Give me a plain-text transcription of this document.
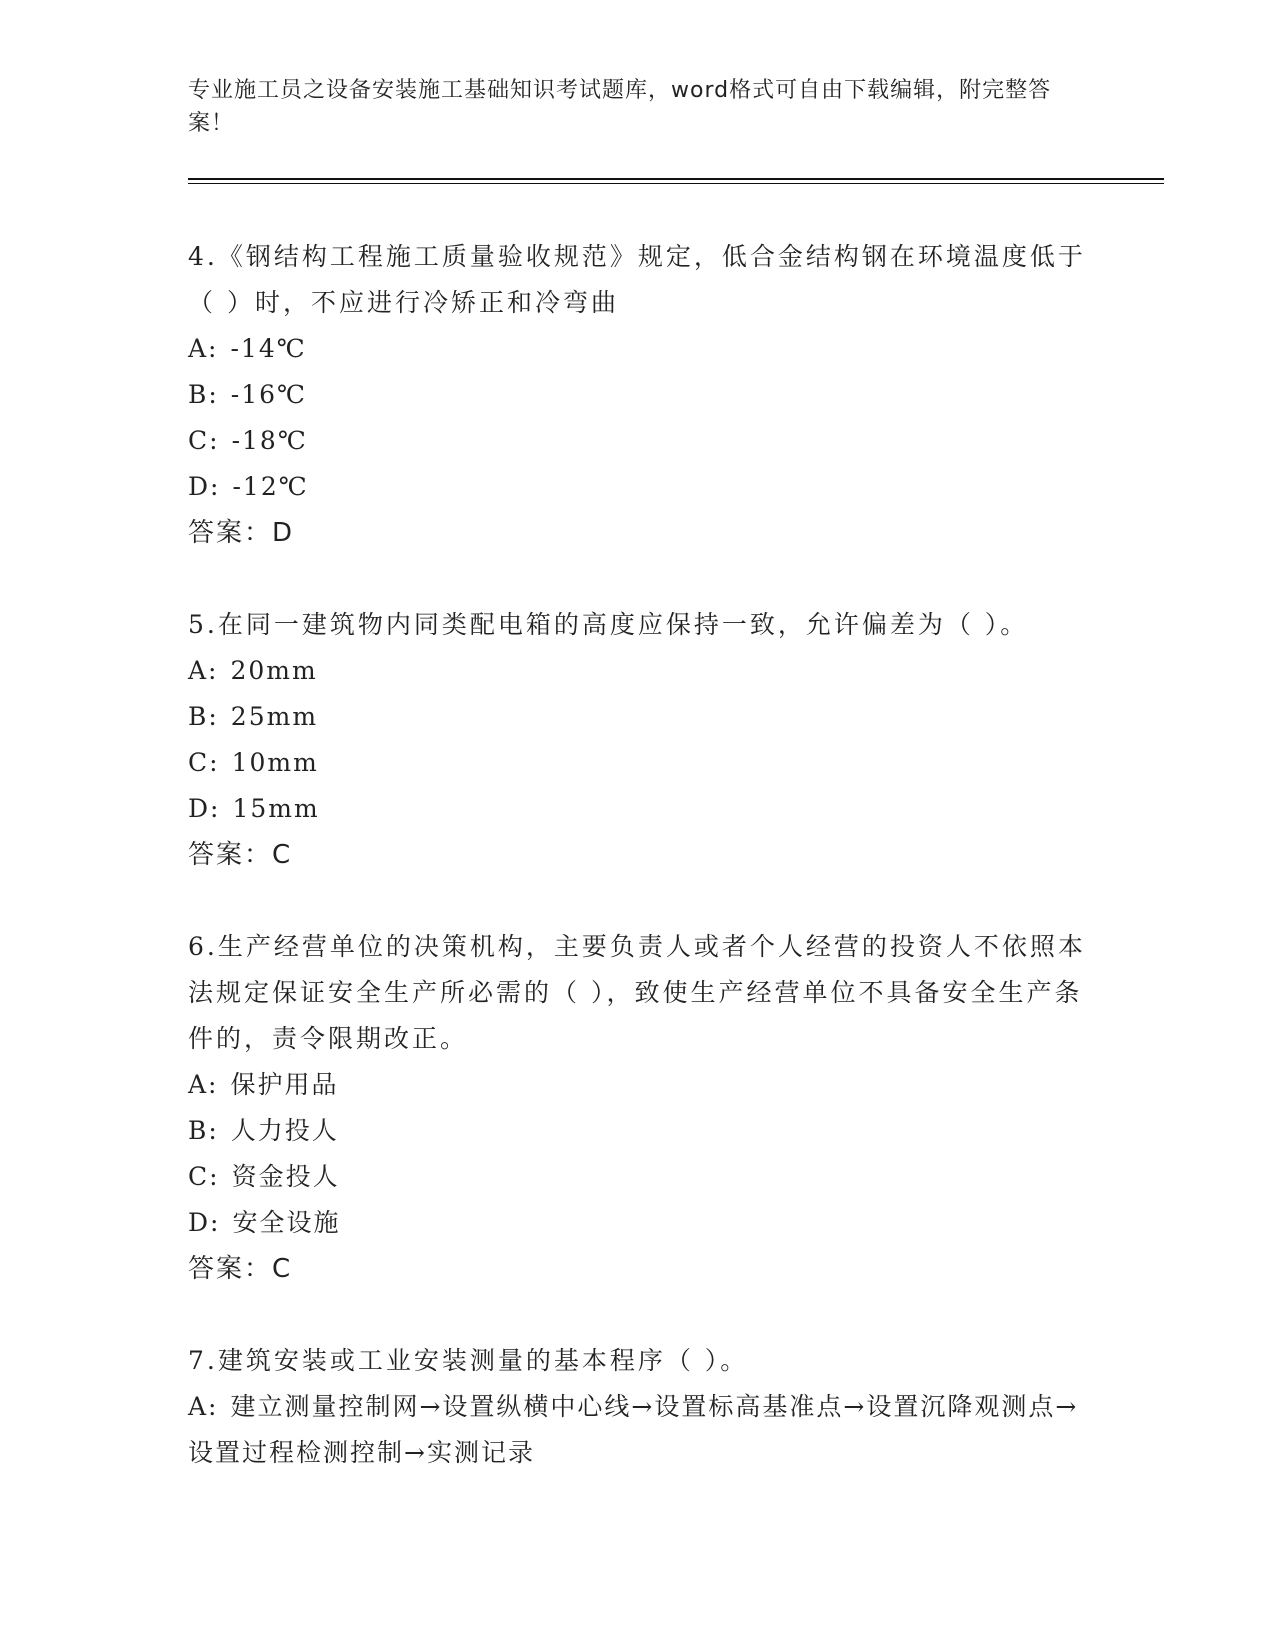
专业施工员之设备安装施工基础知识考试题库，word格式可自由下载编辑，附完整答案！
4.《钢结构工程施工质量验收规范》规定，低合金结构钢在环境温度低于（ ）时，不应进行冷矫正和冷弯曲
A: -14℃
B: -16℃
C: -18℃
D: -12℃
答案：D
5.在同一建筑物内同类配电箱的高度应保持一致，允许偏差为（ ）。
A: 20mm
B: 25mm
C: 10mm
D: 15mm
答案：C
6.生产经营单位的决策机构，主要负责人或者个人经营的投资人不依照本法规定保证安全生产所必需的（ ），致使生产经营单位不具备安全生产条件的，责令限期改正。
A: 保护用品
B: 人力投人
C: 资金投人
D: 安全设施
答案：C
7.建筑安装或工业安装测量的基本程序（ ）。
A: 建立测量控制网→设置纵横中心线→设置标高基准点→设置沉降观测点→设置过程检测控制→实测记录
